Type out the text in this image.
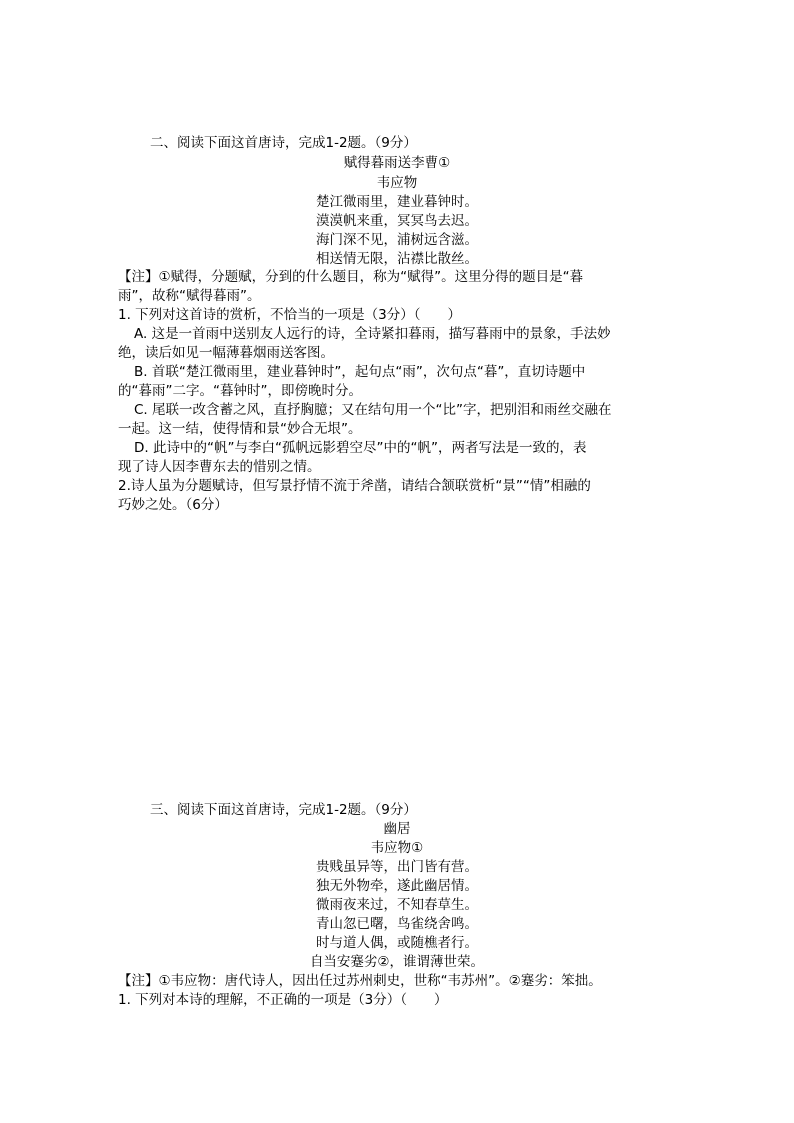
二、阅读下面这首唐诗，完成1-2题。（9分）
赋得暮雨送李曹①
韦应物
楚江微雨里，建业暮钟时。
漠漠帆来重，冥冥鸟去迟。
海门深不见，浦树远含滋。
相送情无限，沾襟比散丝。
【注】①赋得，分题赋，分到的什么题目，称为“赋得”。这里分得的题目是“暮
雨”，故称“赋得暮雨”。
1. 下列对这首诗的赏析，不恰当的一项是（3分）（　　）
A. 这是一首雨中送别友人远行的诗，全诗紧扣暮雨，描写暮雨中的景象，手法妙
绝，读后如见一幅薄暮烟雨送客图。
B. 首联“楚江微雨里，建业暮钟时”，起句点“雨”，次句点“暮”，直切诗题中
的“暮雨”二字。“暮钟时”，即傍晚时分。
C. 尾联一改含蓄之风，直抒胸臆；又在结句用一个“比”字，把别泪和雨丝交融在
一起。这一结，使得情和景“妙合无垠”。
D. 此诗中的“帆”与李白“孤帆远影碧空尽”中的“帆”，两者写法是一致的，表
现了诗人因李曹东去的惜别之情。
2.诗人虽为分题赋诗，但写景抒情不流于斧凿，请结合颔联赏析“景”“情”相融的
巧妙之处。（6分）
三、阅读下面这首唐诗，完成1-2题。（9分）
幽居
韦应物①
贵贱虽异等，出门皆有营。
独无外物牵，遂此幽居情。
微雨夜来过，不知春草生。
青山忽已曙，鸟雀绕舍鸣。
时与道人偶，或随樵者行。
自当安蹇劣②，谁谓薄世荣。
【注】①韦应物：唐代诗人，因出任过苏州刺史，世称“韦苏州”。②蹇劣：笨拙。
1. 下列对本诗的理解，不正确的一项是（3分）（　　）
